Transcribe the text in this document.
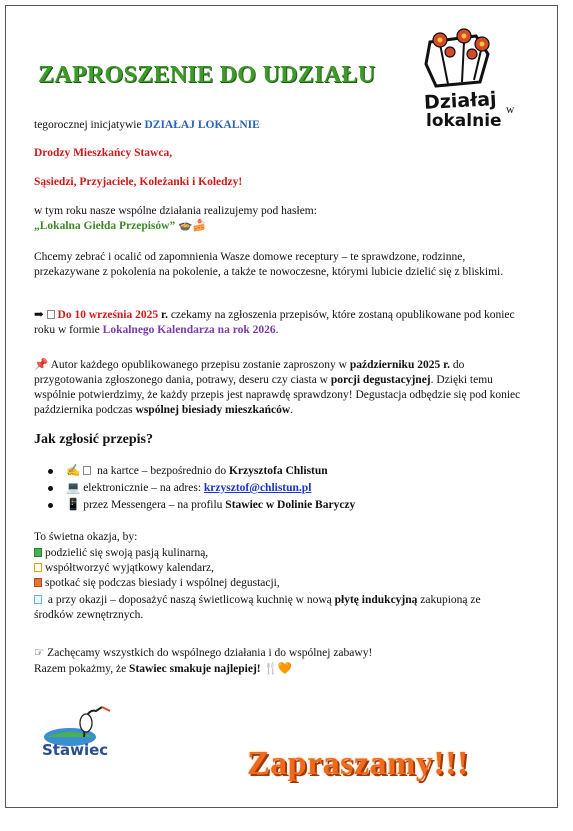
ZAPROSZENIE DO UDZIAŁU
Działaj
lokalnie
w
tegorocznej inicjatywie DZIAŁAJ LOKALNIE
Drodzy Mieszkańcy Stawca,
Sąsiedzi, Przyjaciele, Koleżanki i Koledzy!
w tym roku nasze wspólne działania realizujemy pod hasłem:
„Lokalna Giełda Przepisów” 🍲🍰
Chcemy zebrać i ocalić od zapomnienia Wasze domowe receptury – te sprawdzone, rodzinne, przekazywane z pokolenia na pokolenie, a także te nowoczesne, którymi lubicie dzielić się z bliskimi.
➡ Do 10 września 2025 r. czekamy na zgłoszenia przepisów, które zostaną opublikowane pod koniec roku w formie Lokalnego Kalendarza na rok 2026.
📌 Autor każdego opublikowanego przepisu zostanie zaproszony w październiku 2025 r. do przygotowania zgłoszonego dania, potrawy, deseru czy ciasta w porcji degustacyjnej. Dzięki temu wspólnie potwierdzimy, że każdy przepis jest naprawdę sprawdzony! Degustacja odbędzie się pod koniec października podczas wspólnej biesiady mieszkańców.
Jak zgłosić przepis?
✍  na kartce – bezpośrednio do Krzysztofa Chlistun
💻 elektronicznie – na adres: krzysztof@chlistun.pl
📱 przez Messengera – na profilu Stawiec w Dolinie Baryczy
To świetna okazja, by:
podzielić się swoją pasją kulinarną,
współtworzyć wyjątkowy kalendarz,
spotkać się podczas biesiady i wspólnej degustacji,
a przy okazji – doposażyć naszą świetlicową kuchnię w nową płytę indukcyjną zakupioną ze środków zewnętrznych.
☞ Zachęcamy wszystkich do wspólnego działania i do wspólnej zabawy!
Razem pokażmy, że Stawiec smakuje najlepiej! 🍴🧡
Stawiec	Zapraszamy!!!
